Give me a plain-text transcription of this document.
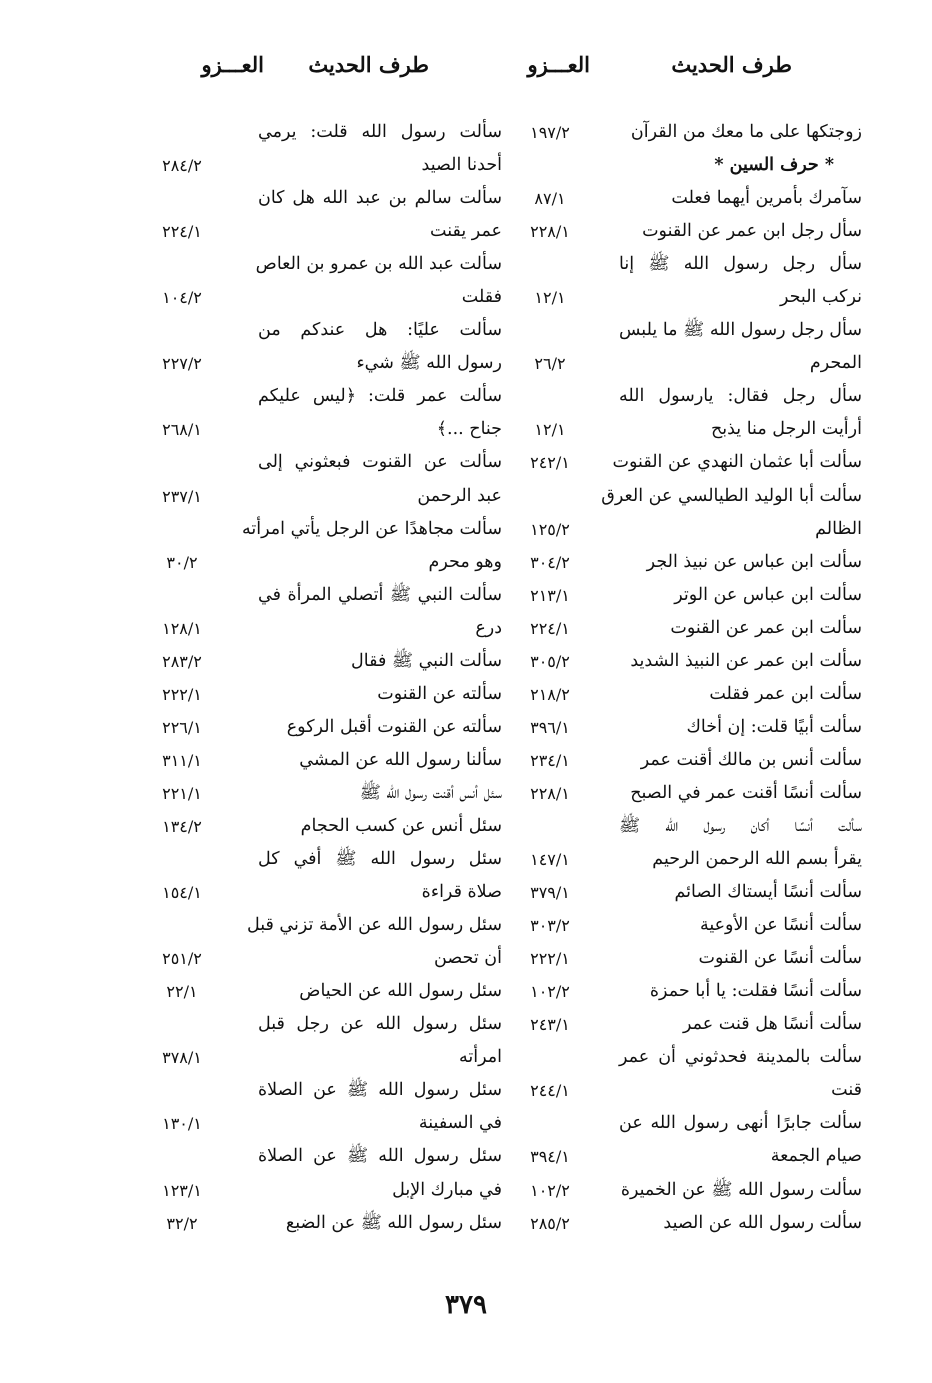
طرف الحديث
العـــزو
طرف الحديث
العـــزو
زوجتكها على ما معك من القرآن
١٩٧/٢
* حرف السين *
سآمرك بأمرين أيهما فعلت
٨٧/١
سأل رجل ابن عمر عن القنوت
٢٢٨/١
سأل رجل رسول الله ﷺ إنا
نركب البحر
١٢/١
سأل رجل رسول الله ﷺ ما يلبس
المحرم
٢٦/٢
سأل رجل فقال: يارسول الله
أرأيت الرجل منا يذبح
١٢/١
سألت أبا عثمان النهدي عن القنوت
٢٤٢/١
سألت أبا الوليد الطيالسي عن العرق
الظالم
١٢٥/٢
سألت ابن عباس عن نبيذ الجر
٣٠٤/٢
سألت ابن عباس عن الوتر
٢١٣/١
سألت ابن عمر عن القنوت
٢٢٤/١
سألت ابن عمر عن النبيذ الشديد
٣٠٥/٢
سألت ابن عمر فقلت
٢١٨/٢
سألت أبيًا قلت: إن أخاك
٣٩٦/١
سألت أنس بن مالك أقنت عمر
٢٣٤/١
سألت أنسًا أقنت عمر في الصبح
٢٢٨/١
سألت أنسًا أكان رسول الله ﷺ
يقرأ بسم الله الرحمن الرحيم
١٤٧/١
سألت أنسًا أيستاك الصائم
٣٧٩/١
سألت أنسًا عن الأوعية
٣٠٣/٢
سألت أنسًا عن القنوت
٢٢٢/١
سألت أنسًا فقلت: يا أبا حمزة
١٠٢/٢
سألت أنسًا هل قنت عمر
٢٤٣/١
سألت بالمدينة فحدثوني أن عمر
قنت
٢٤٤/١
سألت جابرًا أنهى رسول الله عن
صيام الجمعة
٣٩٤/١
سألت رسول الله ﷺ عن الخميرة
١٠٢/٢
سألت رسول الله عن الصيد
٢٨٥/٢
سألت رسول الله قلت: يرمي
أحدنا الصيد
٢٨٤/٢
سألت سالم بن عبد الله هل كان
عمر يقنت
٢٢٤/١
سألت عبد الله بن عمرو بن العاص
فقلت
١٠٤/٢
سألت عليًا: هل عندكم من
رسول الله ﷺ شيء
٢٢٧/٢
سألت عمر قلت: ﴿ليس عليكم
جناح ...﴾
٢٦٨/١
سألت عن القنوت فبعثوني إلى
عبد الرحمن
٢٣٧/١
سألت مجاهدًا عن الرجل يأتي امرأته
وهو محرم
٣٠/٢
سألت النبي ﷺ أتصلي المرأة في
درع
١٢٨/١
سألت النبي ﷺ فقال
٢٨٣/٢
سألته عن القنوت
٢٢٢/١
سألته عن القنوت أقبل الركوع
٢٢٦/١
سألنا رسول الله عن المشي
٣١١/١
سئل أنس أقنت رسول الله ﷺ
٢٢١/١
سئل أنس عن كسب الحجام
١٣٤/٢
سئل رسول الله ﷺ أفي كل
صلاة قراءة
١٥٤/١
سئل رسول الله عن الأمة تزني قبل
أن تحصن
٢٥١/٢
سئل رسول الله عن الحياض
٢٢/١
سئل رسول الله عن رجل قبل
امرأته
٣٧٨/١
سئل رسول الله ﷺ عن الصلاة
في السفينة
١٣٠/١
سئل رسول الله ﷺ عن الصلاة
في مبارك الإبل
١٢٣/١
سئل رسول الله ﷺ عن الضبع
٣٢/٢
٣٧٩
